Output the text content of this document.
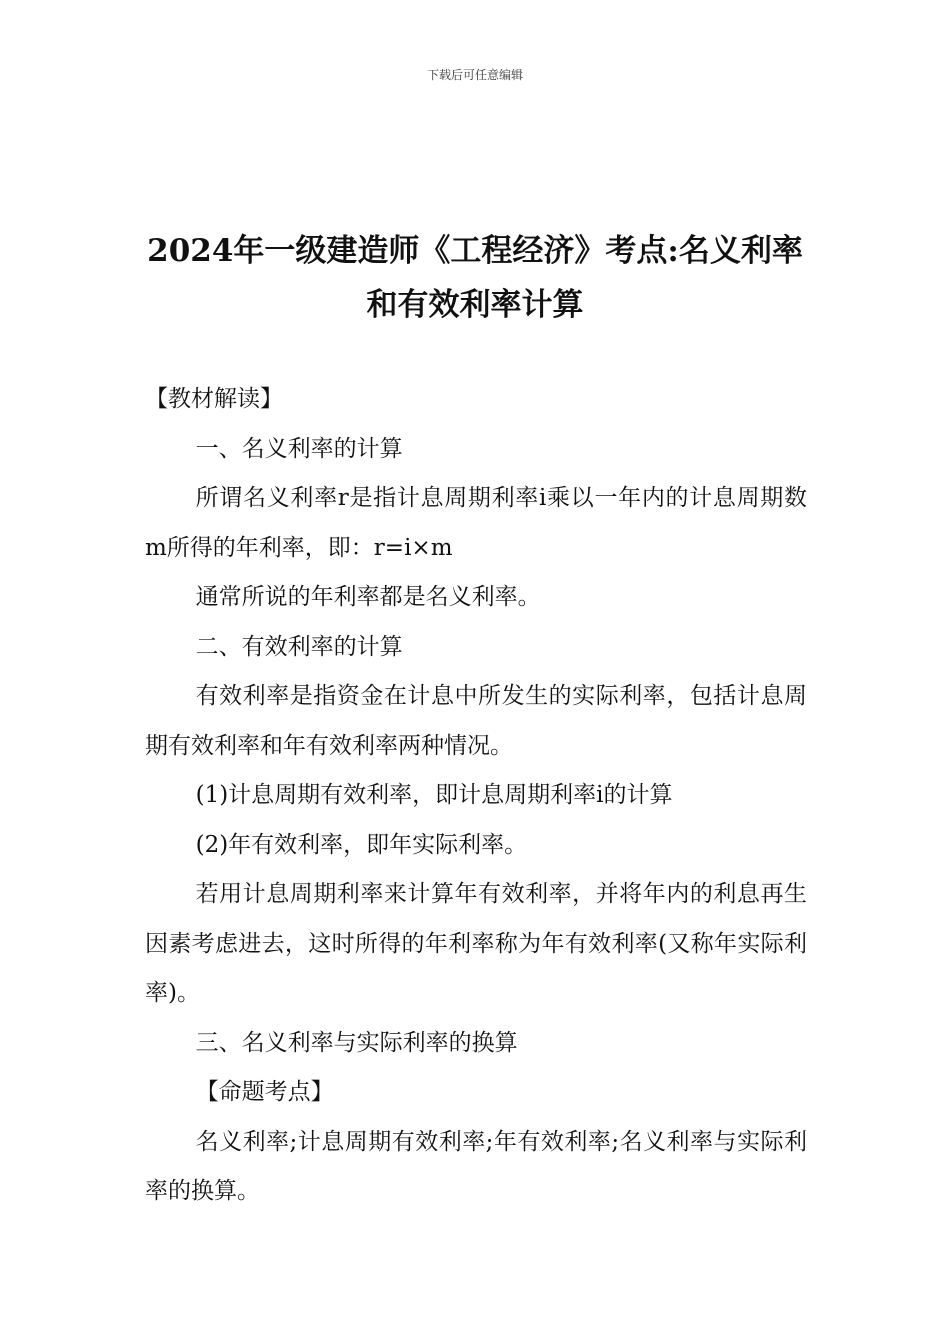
下载后可任意编辑
2024年一级建造师《工程经济》考点:名义利率和有效利率计算

【教材解读】

一、名义利率的计算

所谓名义利率r是指计息周期利率i乘以一年内的计息周期数m所得的年利率，即：r=i×m

通常所说的年利率都是名义利率。

二、有效利率的计算

有效利率是指资金在计息中所发生的实际利率，包括计息周期有效利率和年有效利率两种情况。

(1)计息周期有效利率，即计息周期利率i的计算

(2)年有效利率，即年实际利率。

若用计息周期利率来计算年有效利率，并将年内的利息再生因素考虑进去，这时所得的年利率称为年有效利率(又称年实际利率)。

三、名义利率与实际利率的换算

【命题考点】

名义利率;计息周期有效利率;年有效利率;名义利率与实际利率的换算。
